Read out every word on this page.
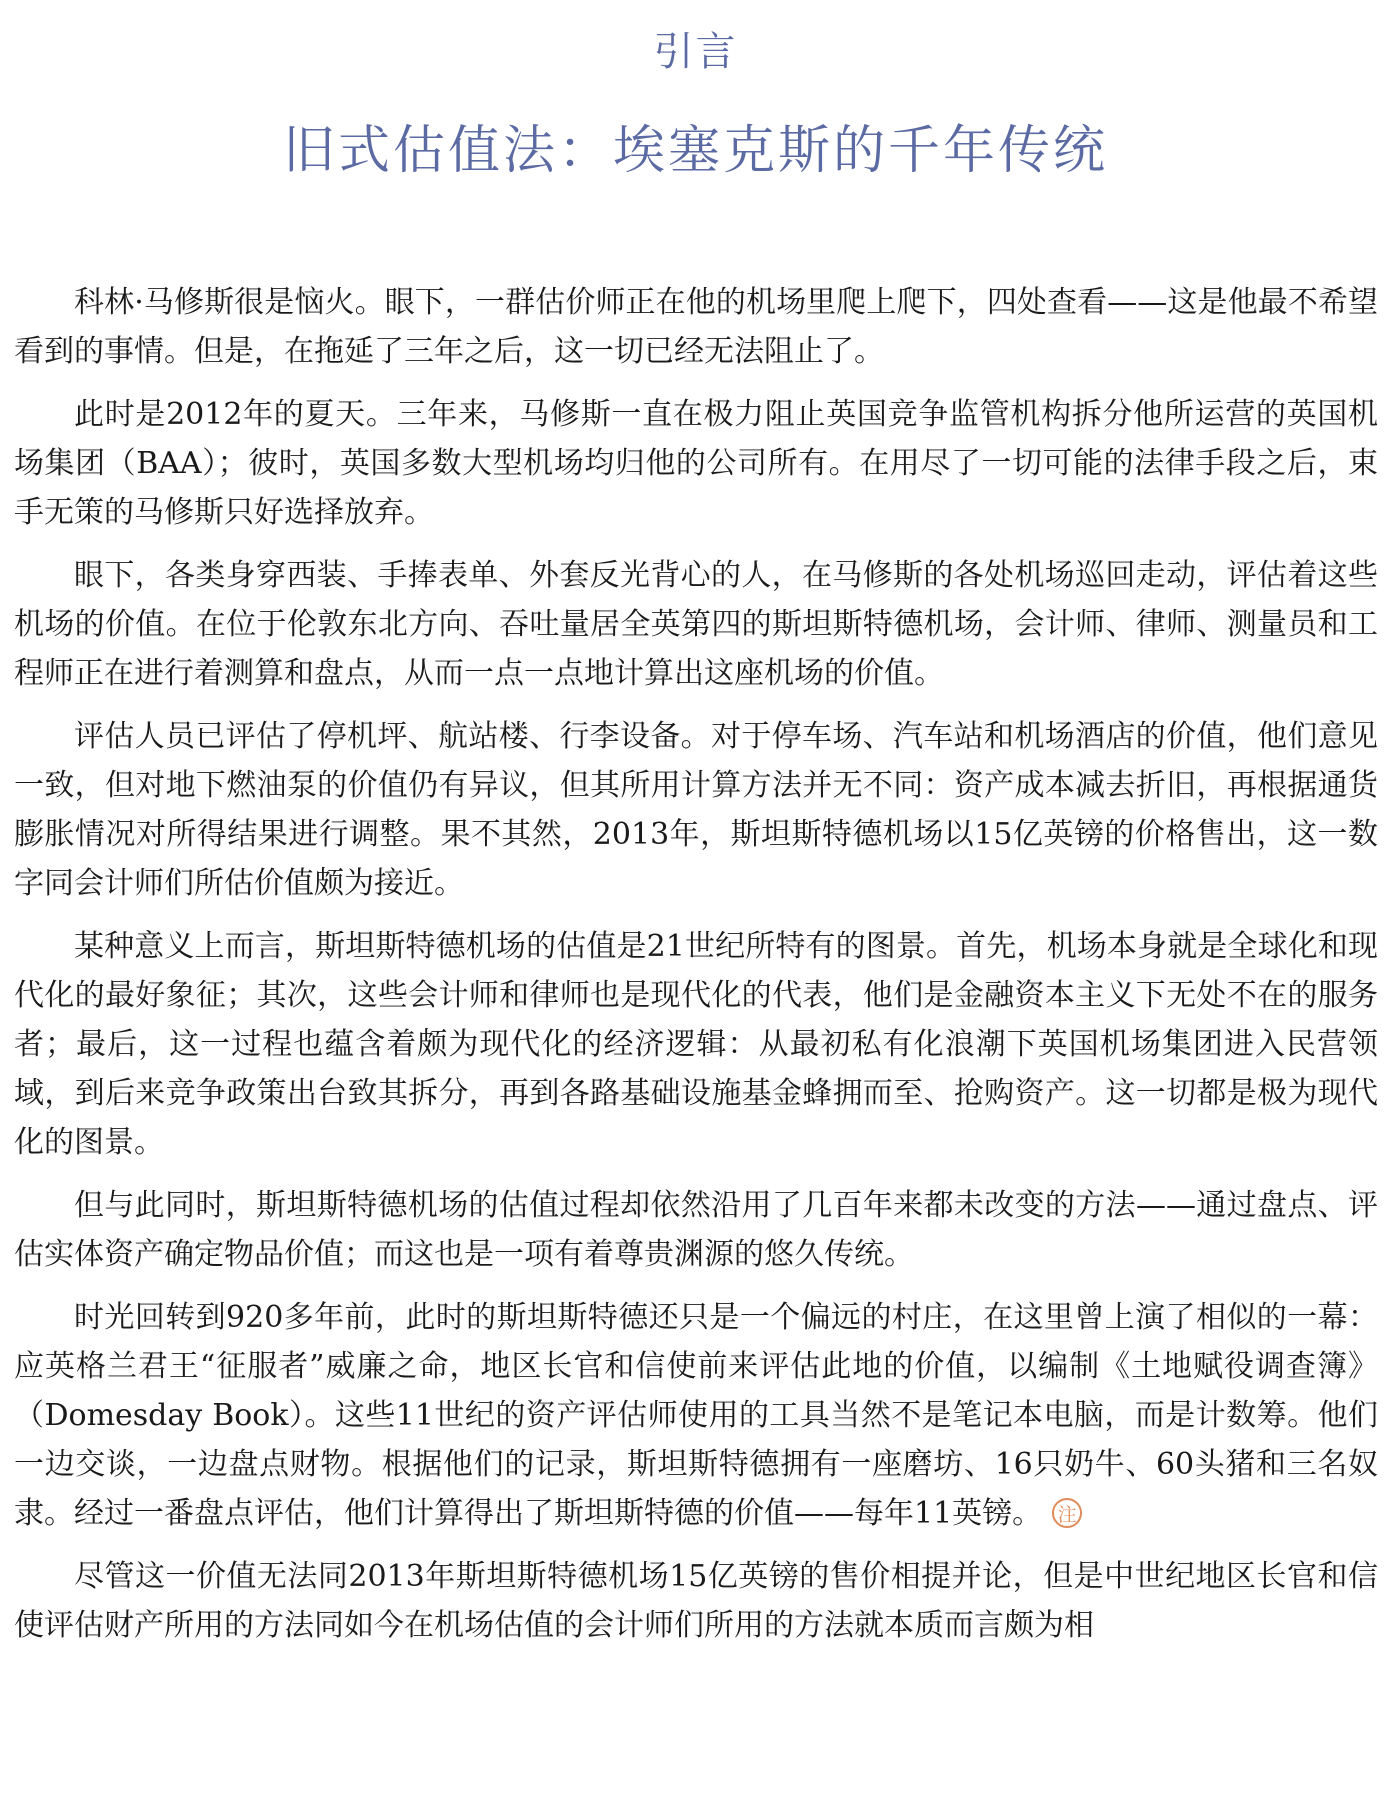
引言
旧式估值法：埃塞克斯的千年传统

科林·马修斯很是恼火。眼下，一群估价师正在他的机场里爬上爬下，四处查看——这是他最不希望看到的事情。但是，在拖延了三年之后，这一切已经无法阻止了。

此时是2012年的夏天。三年来，马修斯一直在极力阻止英国竞争监管机构拆分他所运营的英国机场集团（BAA）；彼时，英国多数大型机场均归他的公司所有。在用尽了一切可能的法律手段之后，束手无策的马修斯只好选择放弃。

眼下，各类身穿西装、手捧表单、外套反光背心的人，在马修斯的各处机场巡回走动，评估着这些机场的价值。在位于伦敦东北方向、吞吐量居全英第四的斯坦斯特德机场，会计师、律师、测量员和工程师正在进行着测算和盘点，从而一点一点地计算出这座机场的价值。

评估人员已评估了停机坪、航站楼、行李设备。对于停车场、汽车站和机场酒店的价值，他们意见一致，但对地下燃油泵的价值仍有异议，但其所用计算方法并无不同：资产成本减去折旧，再根据通货膨胀情况对所得结果进行调整。果不其然，2013年，斯坦斯特德机场以15亿英镑的价格售出，这一数字同会计师们所估价值颇为接近。

某种意义上而言，斯坦斯特德机场的估值是21世纪所特有的图景。首先，机场本身就是全球化和现代化的最好象征；其次，这些会计师和律师也是现代化的代表，他们是金融资本主义下无处不在的服务者；最后，这一过程也蕴含着颇为现代化的经济逻辑：从最初私有化浪潮下英国机场集团进入民营领域，到后来竞争政策出台致其拆分，再到各路基础设施基金蜂拥而至、抢购资产。这一切都是极为现代化的图景。

但与此同时，斯坦斯特德机场的估值过程却依然沿用了几百年来都未改变的方法——通过盘点、评估实体资产确定物品价值；而这也是一项有着尊贵渊源的悠久传统。

时光回转到920多年前，此时的斯坦斯特德还只是一个偏远的村庄，在这里曾上演了相似的一幕：应英格兰君王“征服者”威廉之命，地区长官和信使前来评估此地的价值，以编制《土地赋役调查簿》（Domesday Book）。这些11世纪的资产评估师使用的工具当然不是笔记本电脑，而是计数筹。他们一边交谈，一边盘点财物。根据他们的记录，斯坦斯特德拥有一座磨坊、16只奶牛、60头猪和三名奴隶。经过一番盘点评估，他们计算得出了斯坦斯特德的价值——每年11英镑。 注

尽管这一价值无法同2013年斯坦斯特德机场15亿英镑的售价相提并论，但是中世纪地区长官和信使评估财产所用的方法同如今在机场估值的会计师们所用的方法就本质而言颇为相
